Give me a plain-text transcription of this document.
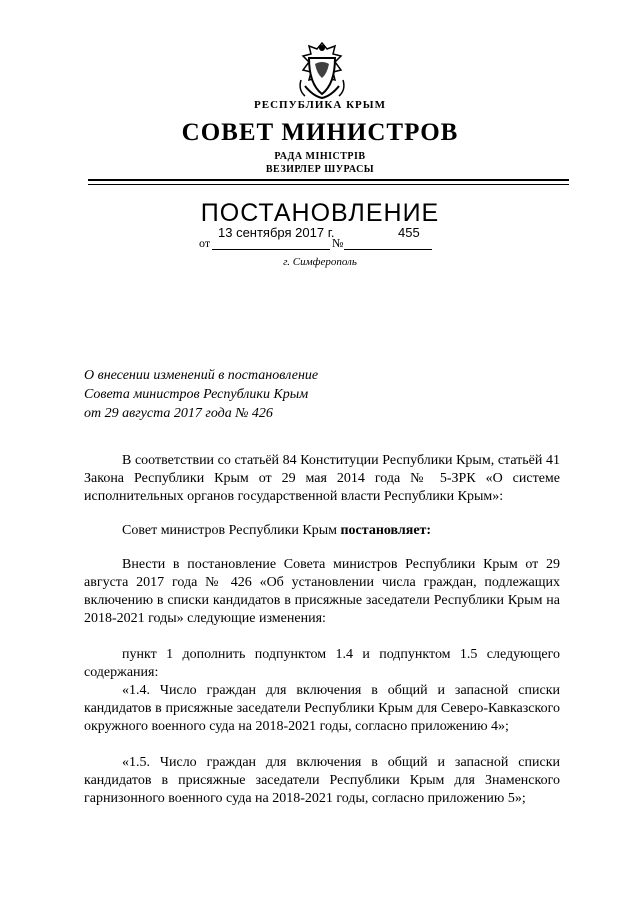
РЕСПУБЛИКА КРЫМ
СОВЕТ МИНИСТРОВ
РАДА МІНІСТРІВ
ВЕЗИРЛЕР ШУРАСЫ
ПОСТАНОВЛЕНИЕ
от
13 сентября 2017 г.
№
455
г. Симферополь
О внесении изменений в постановление
Совета министров Республики Крым
от 29 августа 2017 года № 426
В соответствии со статьёй 84 Конституции Республики Крым, статьёй 41 Закона Республики Крым от 29 мая 2014 года № 5-ЗРК «О системе исполнительных органов государственной власти Республики Крым»:
Совет министров Республики Крым постановляет:
Внести в постановление Совета министров Республики Крым от 29 августа 2017 года № 426 «Об установлении числа граждан, подлежащих включению в списки кандидатов в присяжные заседатели Республики Крым на 2018-2021 годы» следующие изменения:
пункт 1 дополнить подпунктом 1.4 и подпунктом 1.5 следующего содержания:
«1.4. Число граждан для включения в общий и запасной списки кандидатов в присяжные заседатели Республики Крым для Северо-Кавказского окружного военного суда на 2018-2021 годы, согласно приложению 4»;
«1.5. Число граждан для включения в общий и запасной списки кандидатов в присяжные заседатели Республики Крым для Знаменского гарнизонного военного суда на 2018-2021 годы, согласно приложению 5»;
